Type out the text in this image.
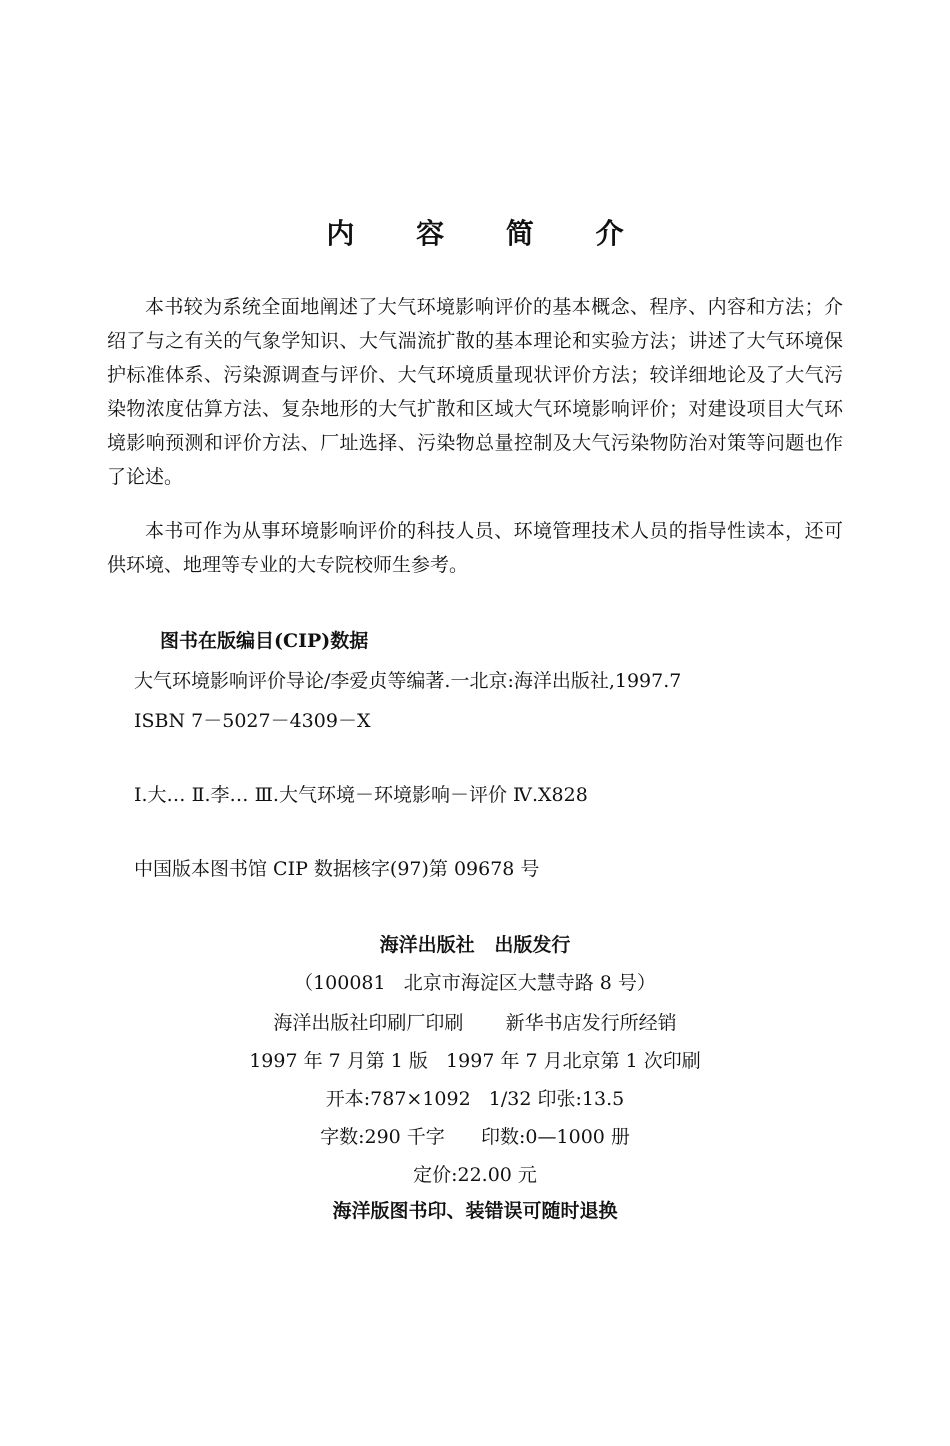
内 容 简 介

本书较为系统全面地阐述了大气环境影响评价的基本概念、程序、内容和方法；介绍了与之有关的气象学知识、大气湍流扩散的基本理论和实验方法；讲述了大气环境保护标准体系、污染源调查与评价、大气环境质量现状评价方法；较详细地论及了大气污染物浓度估算方法、复杂地形的大气扩散和区域大气环境影响评价；对建设项目大气环境影响预测和评价方法、厂址选择、污染物总量控制及大气污染物防治对策等问题也作了论述。

本书可作为从事环境影响评价的科技人员、环境管理技术人员的指导性读本，还可供环境、地理等专业的大专院校师生参考。

图书在版编目(CIP)数据
大气环境影响评价导论/李爱贞等编著.一北京:海洋出版社,1997.7
ISBN 7－5027－4309－X
Ⅰ.大… Ⅱ.李… Ⅲ.大气环境－环境影响－评价 Ⅳ.X828
中国版本图书馆 CIP 数据核字(97)第 09678 号
海洋出版社   出版发行
（100081   北京市海淀区大慧寺路 8 号）
海洋出版社印刷厂印刷       新华书店发行所经销
1997 年 7 月第 1 版   1997 年 7 月北京第 1 次印刷
开本:787×1092   1/32 印张:13.5
字数:290 千字      印数:0—1000 册
定价:22.00 元
海洋版图书印、装错误可随时退换
